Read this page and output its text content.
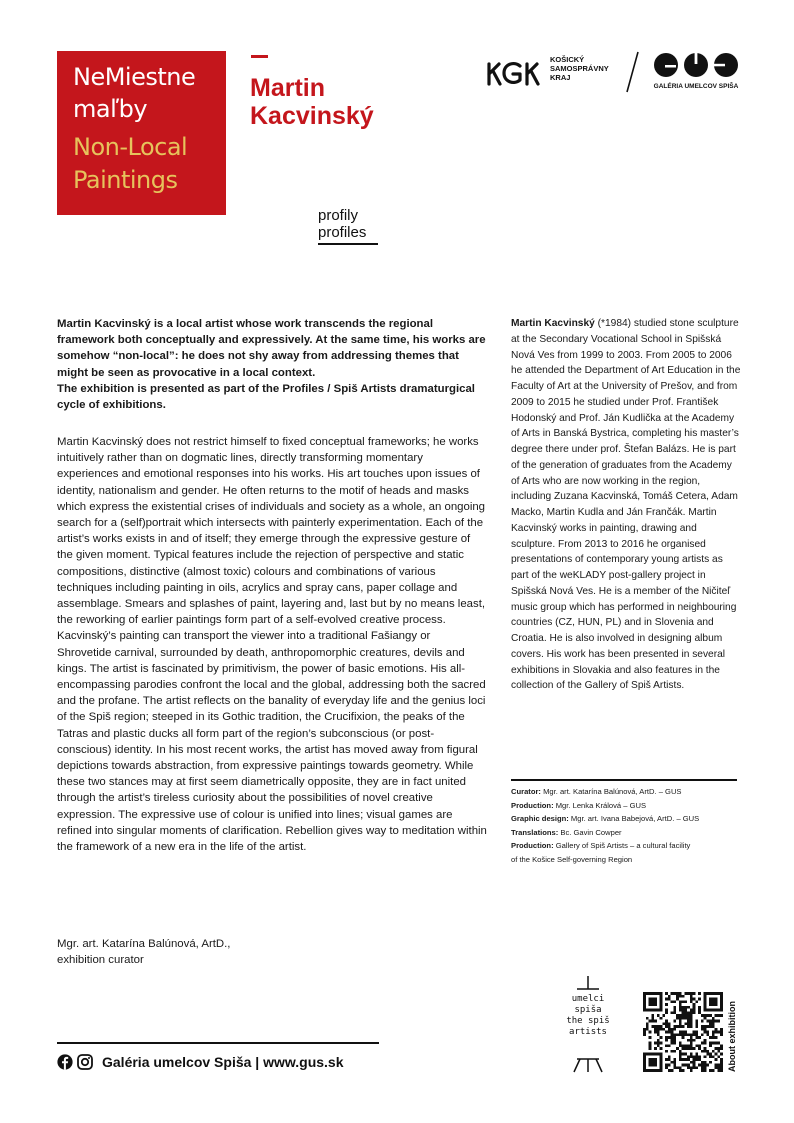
NeMiestne
maľby
Non-Local
Paintings
Martin
Kacvinský
KOŠICKÝ
SAMOSPRÁVNY
KRAJ
GALÉRIA UMELCOV SPIŠA
profily
profiles

Martin Kacvinský is a local artist whose work transcends the regional framework both conceptually and expressively. At the same time, his works are somehow “non-local”: he does not shy away from addressing themes that might be seen as provocative in a local context.

The exhibition is presented as part of the Profiles / Spiš Artists dramaturgical cycle of exhibitions.

Martin Kacvinský does not restrict himself to fixed conceptual frameworks; he works intuitively rather than on dogmatic lines, directly transforming momentary experiences and emotional responses into his works. His art touches upon issues of identity, nationalism and gender. He often returns to the motif of heads and masks which express the existential crises of individuals and society as a whole, an ongoing search for a (self)portrait which intersects with painterly experimentation. Each of the artist’s works exists in and of itself; they emerge through the expressive gesture of the given moment. Typical features include the rejection of perspective and static compositions, distinctive (almost toxic) colours and combinations of various techniques including painting in oils, acrylics and spray cans, paper collage and assemblage. Smears and splashes of paint, layering and, last but by no means least, the reworking of earlier paintings form part of a self-evolved creative process. Kacvinský’s painting can transport the viewer into a traditional Fašiangy or Shrovetide carnival, surrounded by death, anthropomorphic creatures, devils and kings. The artist is fascinated by primitivism, the power of basic emotions. His all-encompassing parodies confront the local and the global, addressing both the sacred and the profane. The artist reflects on the banality of everyday life and the genius loci of the Spiš region; steeped in its Gothic tradition, the Crucifixion, the peaks of the Tatras and plastic ducks all form part of the region’s subconscious (or post-conscious) identity. In his most recent works, the artist has moved away from figural depictions towards abstraction, from expressive paintings towards geometry. While these two stances may at first seem diametrically opposite, they are in fact united through the artist’s tireless curiosity about the possibilities of novel creative expression. The expressive use of colour is unified into lines; visual games are refined into singular moments of clarification. Rebellion gives way to meditation within the framework of a new era in the life of the artist.

Mgr. art. Katarína Balúnová, ArtD.,
exhibition curator

Martin Kacvinský (*1984) studied stone sculpture at the Secondary Vocational School in Spišská Nová Ves from 1999 to 2003. From 2005 to 2006 he attended the Department of Art Education in the Faculty of Art at the University of Prešov, and from 2009 to 2015 he studied under Prof. František Hodonský and Prof. Ján Kudlička at the Academy of Arts in Banská Bystrica, completing his master’s degree there under prof. Štefan Balázs. He is part of the generation of graduates from the Academy of Arts who are now working in the region, including Zuzana Kacvinská, Tomáš Cetera, Adam Macko, Martin Kudla and Ján Frančák. Martin Kacvinský works in painting, drawing and sculpture. From 2013 to 2016 he organised presentations of contemporary young artists as part of the weKLADY post-gallery project in Spišská Nová Ves. He is a member of the Ničiteľ music group which has performed in neighbouring countries (CZ, HUN, PL) and in Slovenia and Croatia. He is also involved in designing album covers. His work has been presented in several exhibitions in Slovakia and also features in the collection of the Gallery of Spiš Artists.

Curator: Mgr. art. Katarína Balúnová, ArtD. – GUS
Production: Mgr. Lenka Králová – GUS
Graphic design: Mgr. art. Ivana Babejová, ArtD. – GUS
Translations: Bc. Gavin Cowper
Production: Gallery of Spiš Artists – a cultural facility
of the Košice Self-governing Region
Galéria umelcov Spiša | www.gus.sk
umelci
spiša
the spiš
artists	About exhibition
